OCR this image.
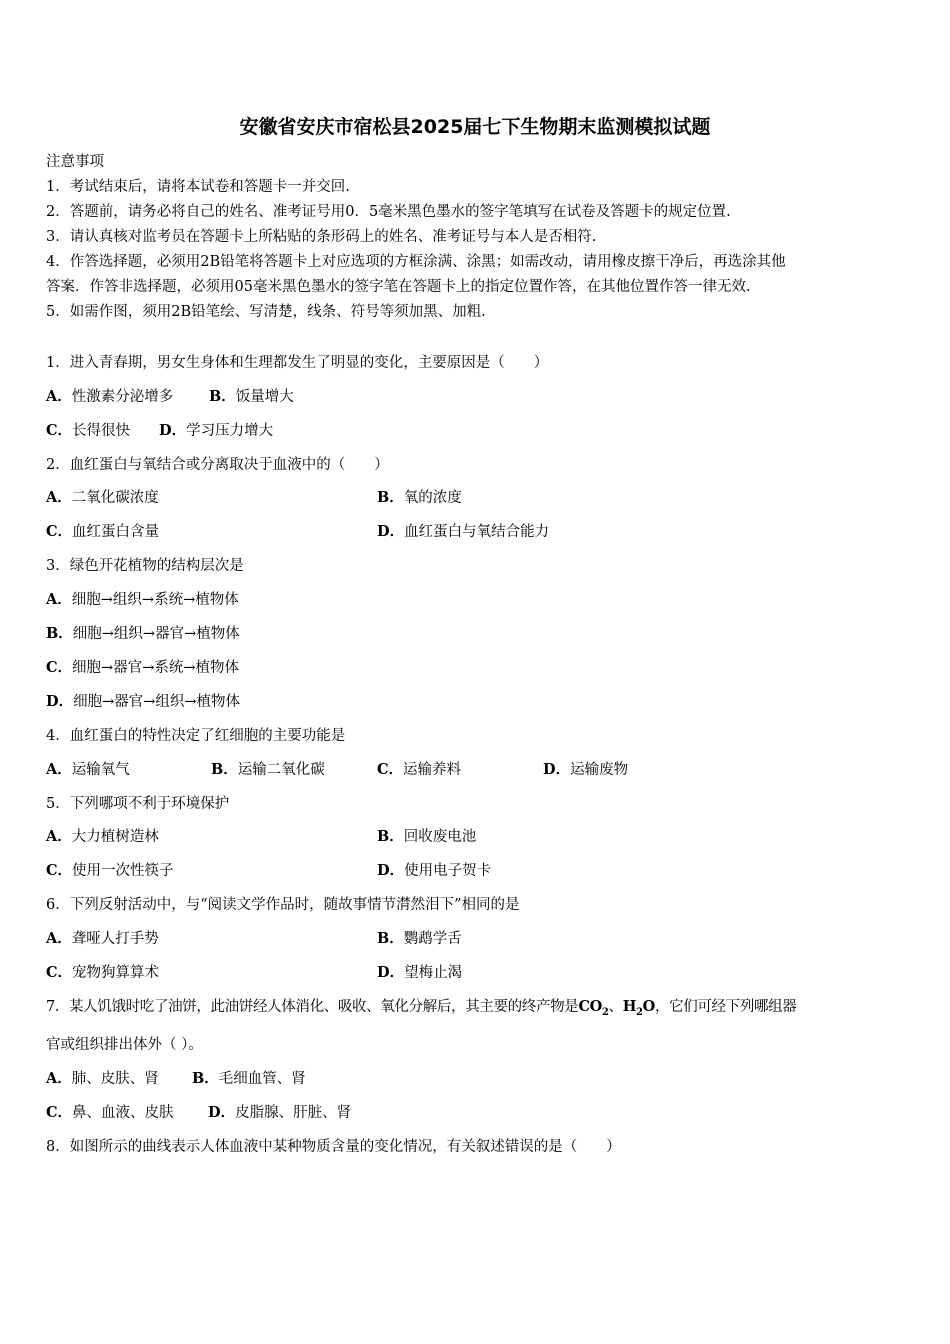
安徽省安庆市宿松县2025届七下生物期末监测模拟试题
注意事项
1．考试结束后，请将本试卷和答题卡一并交回.
2．答题前，请务必将自己的姓名、准考证号用0．5毫米黑色墨水的签字笔填写在试卷及答题卡的规定位置.
3．请认真核对监考员在答题卡上所粘贴的条形码上的姓名、准考证号与本人是否相符.
4．作答选择题，必须用2B铅笔将答题卡上对应选项的方框涂满、涂黑；如需改动，请用橡皮擦干净后，再选涂其他
答案．作答非选择题，必须用05毫米黑色墨水的签字笔在答题卡上的指定位置作答，在其他位置作答一律无效.
5．如需作图，须用2B铅笔绘、写清楚，线条、符号等须加黑、加粗.
1．进入青春期，男女生身体和生理都发生了明显的变化，主要原因是（　　）
A．性激素分泌增多 B．饭量增大
C．长得很快 D．学习压力增大
2．血红蛋白与氧结合或分离取决于血液中的（　　）
A．二氧化碳浓度	B．氧的浓度
C．血红蛋白含量	D．血红蛋白与氧结合能力
3．绿色开花植物的结构层次是
A．细胞→组织→系统→植物体
B．细胞→组织→器官→植物体
C．细胞→器官→系统→植物体
D．细胞→器官→组织→植物体
4．血红蛋白的特性决定了红细胞的主要功能是
A．运输氧气	B．运输二氧化碳	C．运输养料	D．运输废物
5．下列哪项不利于环境保护
A．大力植树造林	B．回收废电池
C．使用一次性筷子	D．使用电子贺卡
6．下列反射活动中，与“阅读文学作品时，随故事情节潸然泪下”相同的是
A．聋哑人打手势	B．鹦鹉学舌
C．宠物狗算算术	D．望梅止渴
7．某人饥饿时吃了油饼，此油饼经人体消化、吸收、氧化分解后，其主要的终产物是$CO_2$、$H_2O$，它们可经下列哪组器
官或组织排出体外（ ）。
A．肺、皮肤、肾 B．毛细血管、肾
C．鼻、血液、皮肤 D．皮脂腺、肝脏、肾
8．如图所示的曲线表示人体血液中某种物质含量的变化情况，有关叙述错误的是（　　）
